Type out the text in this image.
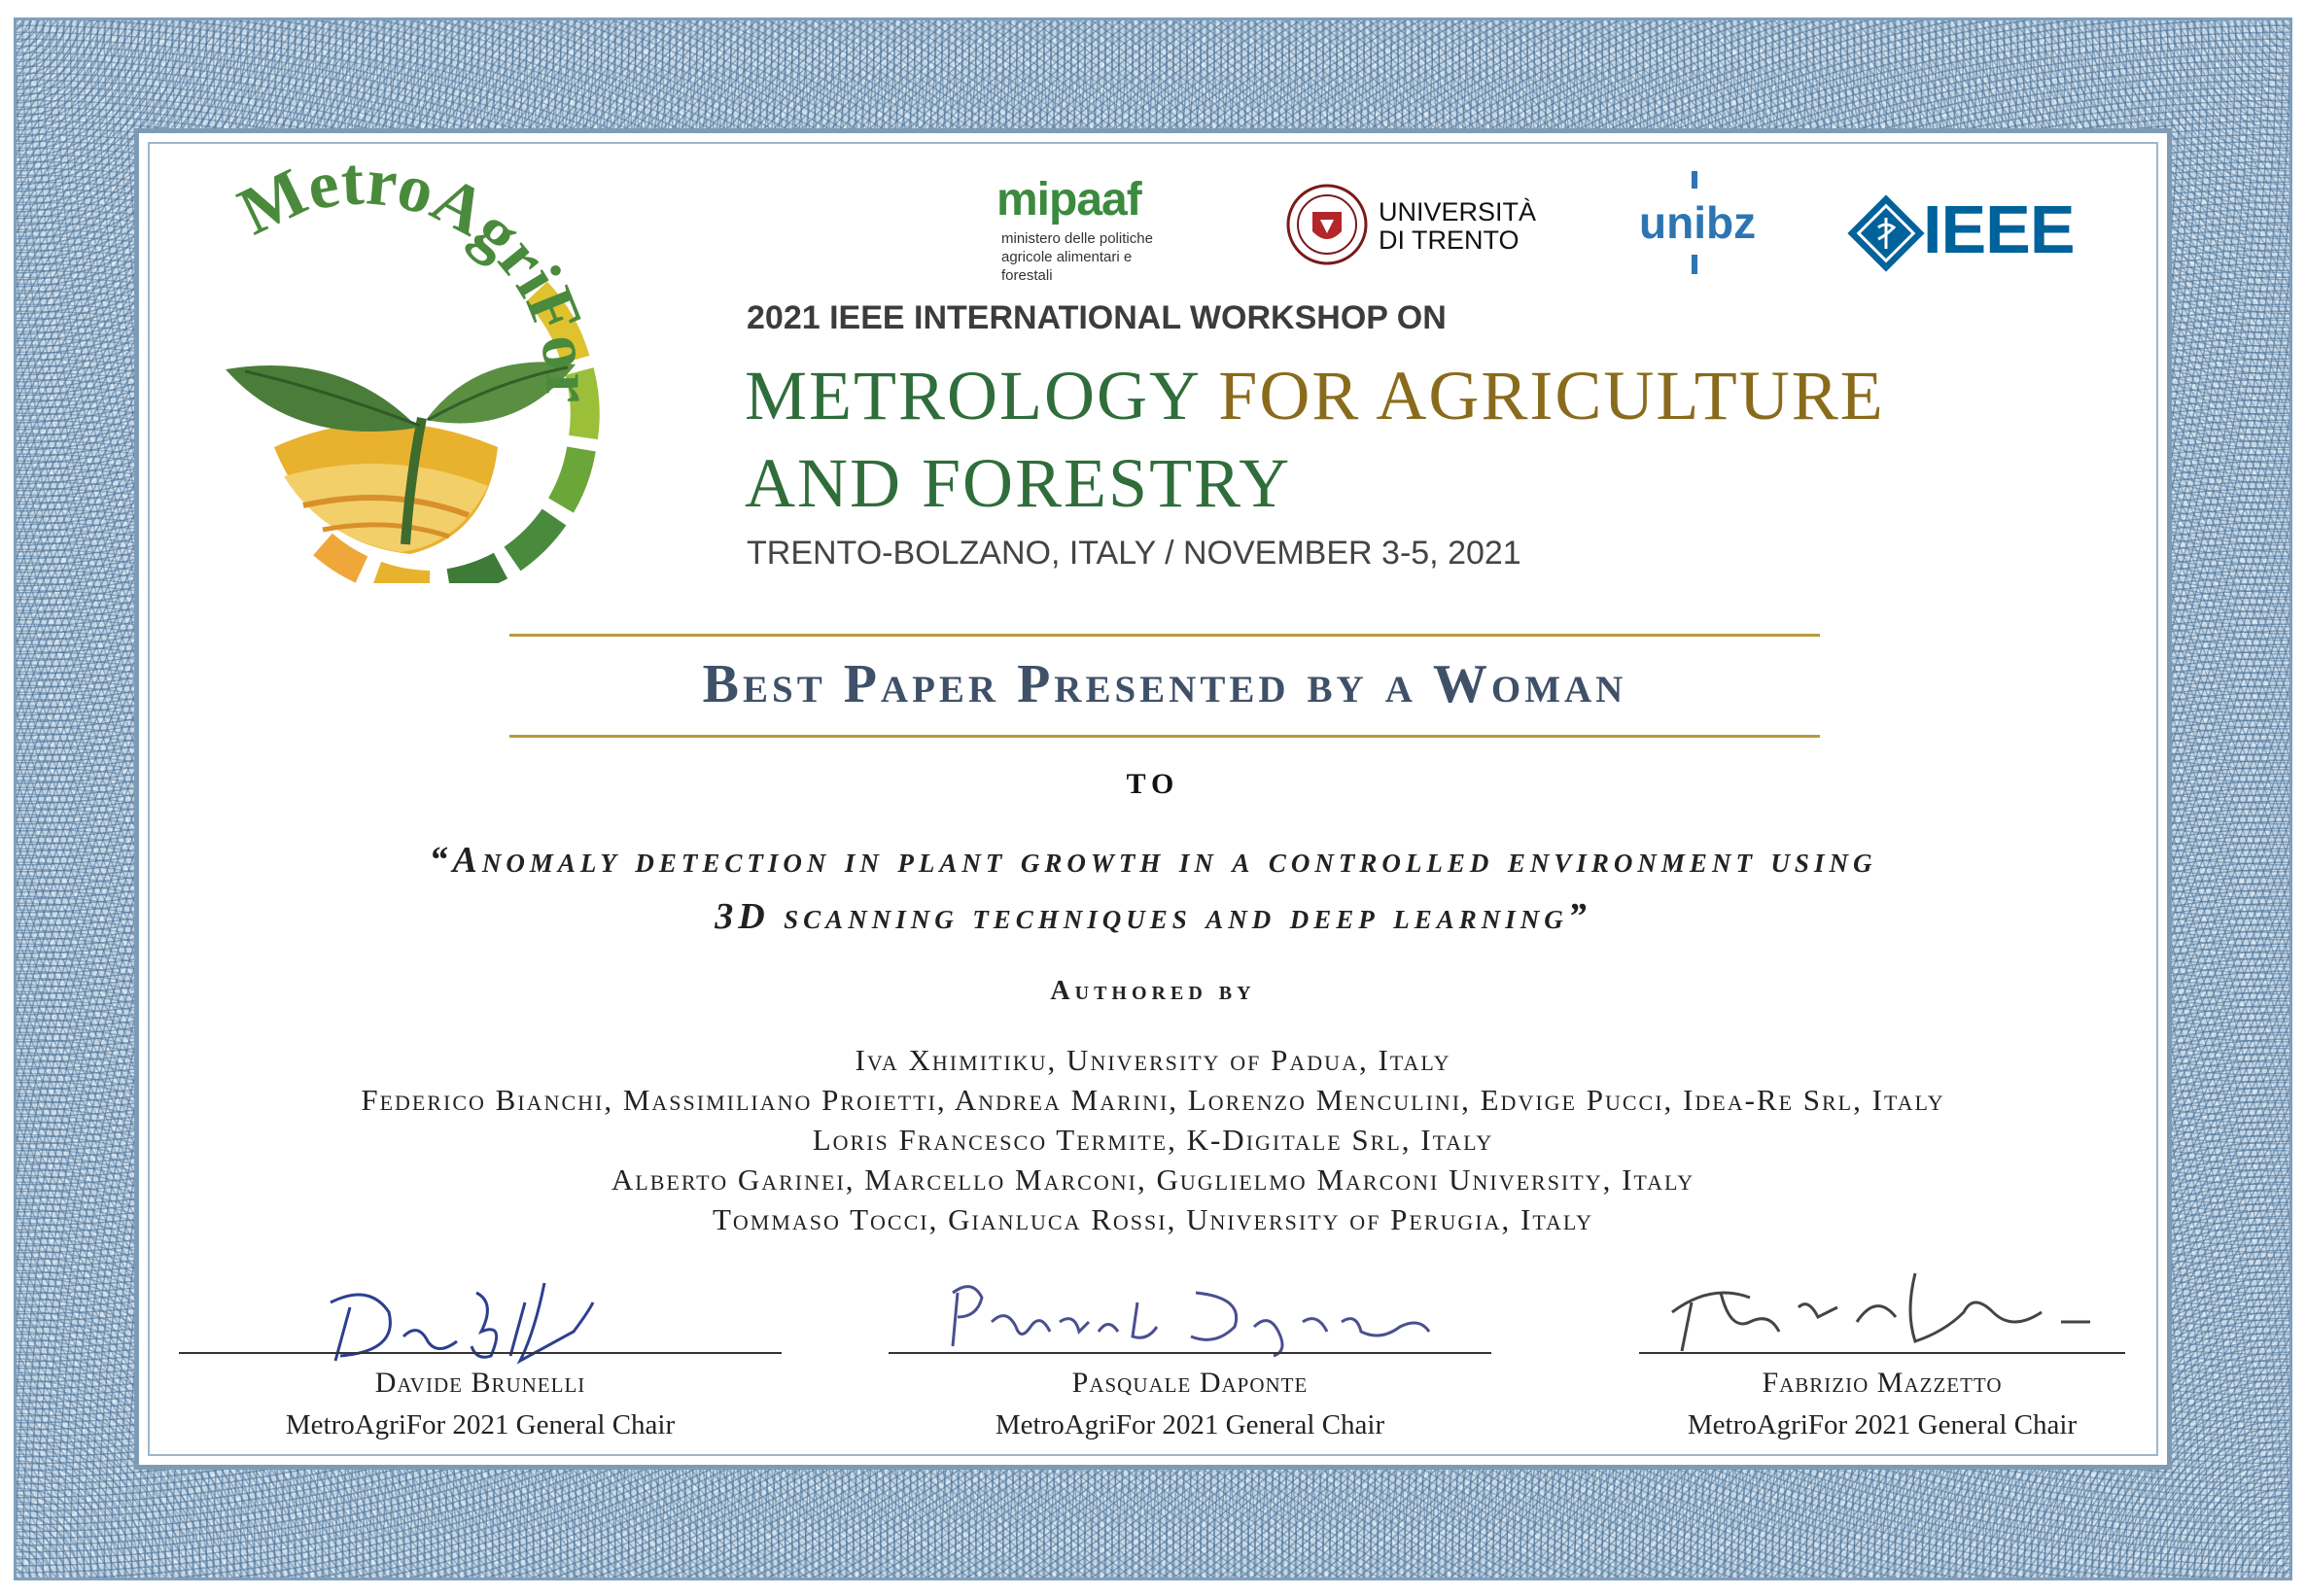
MetroAgriFor
mipaaf
ministero delle politiche
agricole alimentari e forestali
UNIVERSITÀ
DI TRENTO	unibz IEEE
2021 IEEE INTERNATIONAL WORKSHOP ON
METROLOGY FOR AGRICULTURE
AND FORESTRY
TRENTO-BOLZANO, ITALY / NOVEMBER 3-5, 2021
Best Paper Presented by a Woman
TO
“Anomaly detection in plant growth in a controlled environment using
3D scanning techniques and deep learning”
Authored by
Iva Xhimitiku, University of Padua, Italy
Federico Bianchi, Massimiliano Proietti, Andrea Marini, Lorenzo Menculini, Edvige Pucci, Idea-Re Srl, Italy
Loris Francesco Termite, K-Digitale Srl, Italy
Alberto Garinei, Marcello Marconi, Guglielmo Marconi University, Italy
Tommaso Tocci, Gianluca Rossi, University of Perugia, Italy
Davide Brunelli
MetroAgriFor 2021 General Chair
Pasquale Daponte
MetroAgriFor 2021 General Chair
Fabrizio Mazzetto
MetroAgriFor 2021 General Chair
